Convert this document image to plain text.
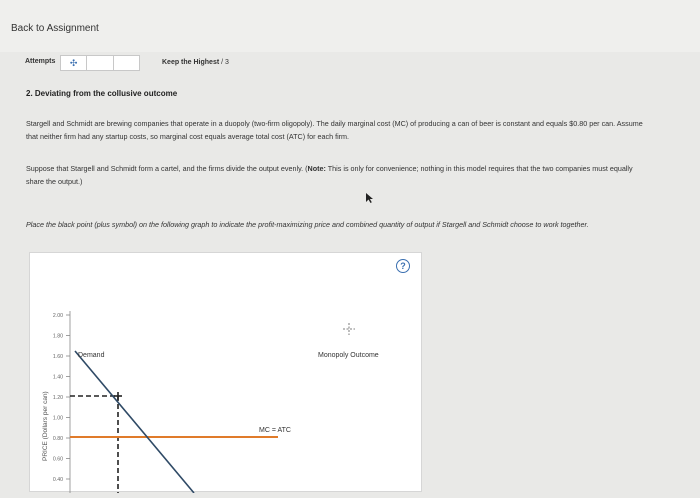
Back to Assignment
Attempts	✣	Keep the Highest / 3
2. Deviating from the collusive outcome
Stargell and Schmidt are brewing companies that operate in a duopoly (two-firm oligopoly). The daily marginal cost (MC) of producing a can of beer is constant and equals $0.80 per can. Assume that neither firm had any startup costs, so marginal cost equals average total cost (ATC) for each firm.
Suppose that Stargell and Schmidt form a cartel, and the firms divide the output evenly. (Note: This is only for convenience; nothing in this model requires that the two companies must equally share the output.)
Place the black point (plus symbol) on the following graph to indicate the profit-maximizing price and combined quantity of output if Stargell and Schmidt choose to work together.
PRICE (Dollars per can)
2.00
1.80
1.60
1.40
1.20
1.00
0.80
0.60
0.40
Demand
MC = ATC
Monopoly Outcome
?
